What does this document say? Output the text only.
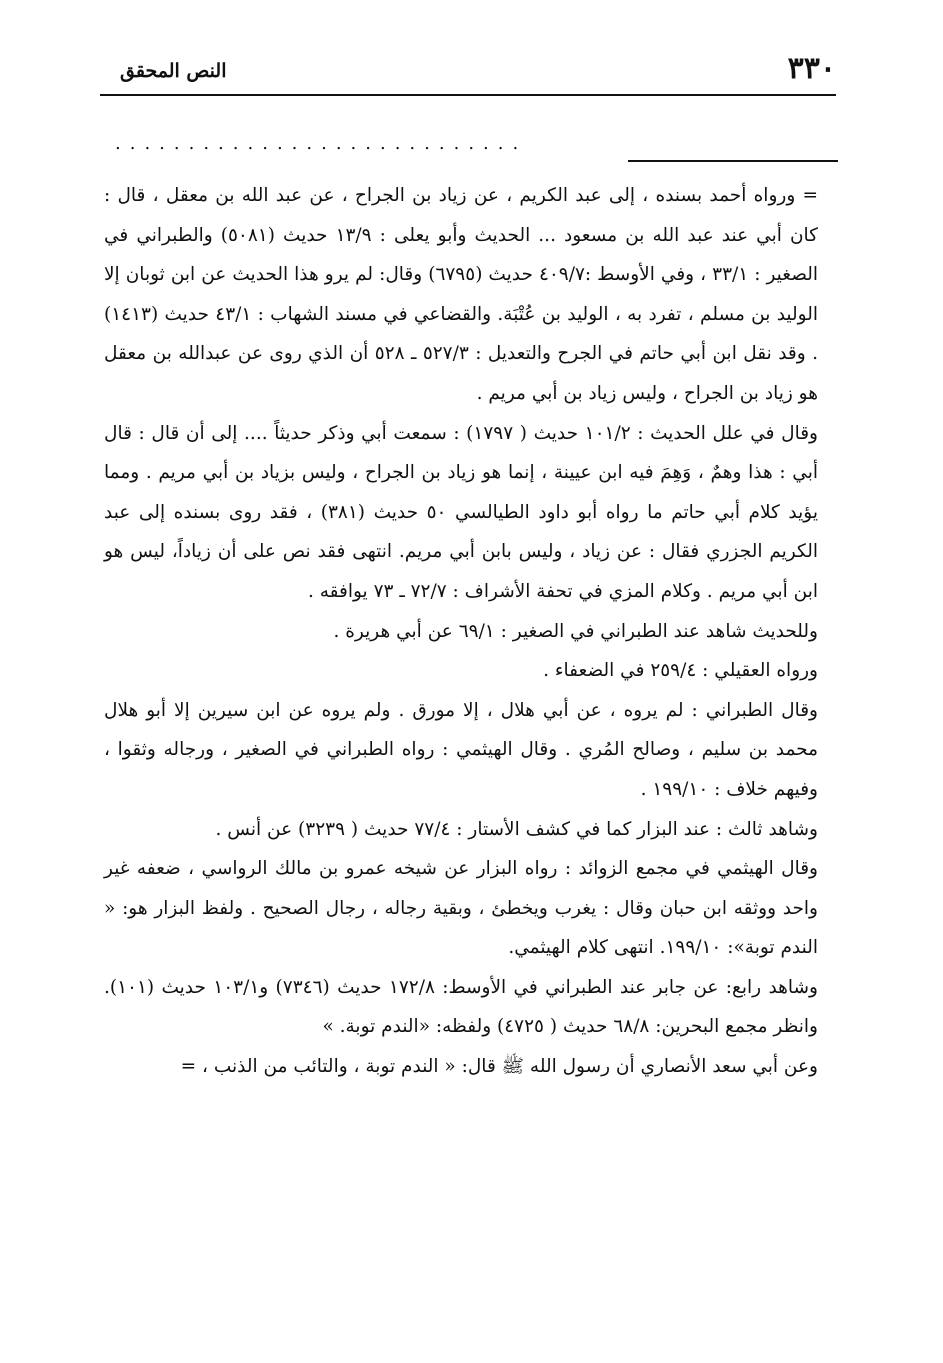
٣٣٠
النص المحقق
............................

= ورواه أحمد بسنده ، إلى عبد الكريم ، عن زياد بن الجراح ، عن عبد الله بن معقل ، قال : كان أبي عند عبد الله بن مسعود ... الحديث وأبو يعلى : ١٣/٩ حديث (٥٠٨١) والطبراني في الصغير : ٣٣/١ ، وفي الأوسط :٤٠٩/٧ حديث (٦٧٩٥) وقال: لم يرو هذا الحديث عن ابن ثوبان إلا الوليد بن مسلم ، تفرد به ، الوليد بن عُتْبَة. والقضاعي في مسند الشهاب : ٤٣/١ حديث (١٤١٣) . وقد نقل ابن أبي حاتم في الجرح والتعديل : ٥٢٧/٣ ـ ٥٢٨ أن الذي روى عن عبدالله بن معقل هو زياد بن الجراح ، وليس زياد بن أبي مريم .

وقال في علل الحديث : ١٠١/٢ حديث ( ١٧٩٧) : سمعت أبي وذكر حديثاً .... إلى أن قال : قال أبي : هذا وهمٌ ، وَهِمَ فيه ابن عيينة ، إنما هو زياد بن الجراح ، وليس بزياد بن أبي مريم . ومما يؤيد كلام أبي حاتم ما رواه أبو داود الطيالسي ٥٠ حديث (٣٨١) ، فقد روى بسنده إلى عبد الكريم الجزري فقال : عن زياد ، وليس بابن أبي مريم. انتهى فقد نص على أن زياداً، ليس هو ابن أبي مريم . وكلام المزي في تحفة الأشراف : ٧٢/٧ ـ ٧٣ يوافقه .

وللحديث شاهد عند الطبراني في الصغير : ٦٩/١ عن أبي هريرة .

ورواه العقيلي : ٢٥٩/٤ في الضعفاء .

وقال الطبراني : لم يروه ، عن أبي هلال ، إلا مورق . ولم يروه عن ابن سيرين إلا أبو هلال محمد بن سليم ، وصالح المُري . وقال الهيثمي : رواه الطبراني في الصغير ، ورجاله وثقوا ، وفيهم خلاف : ١٩٩/١٠ .

وشاهد ثالث : عند البزار كما في كشف الأستار : ٧٧/٤ حديث ( ٣٢٣٩) عن أنس .

وقال الهيثمي في مجمع الزوائد : رواه البزار عن شيخه عمرو بن مالك الرواسي ، ضعفه غير واحد ووثقه ابن حبان وقال : يغرب ويخطئ ، وبقية رجاله ، رجال الصحيح . ولفظ البزار هو: « الندم توبة»: ١٩٩/١٠. انتهى كلام الهيثمي.

وشاهد رابع: عن جابر عند الطبراني في الأوسط: ١٧٢/٨ حديث (٧٣٤٦) و١٠٣/١ حديث (١٠١). وانظر مجمع البحرين: ٦٨/٨ حديث ( ٤٧٢٥) ولفظه: «الندم توبة. »

وعن أبي سعد الأنصاري أن رسول الله ﷺ قال: « الندم توبة ، والتائب من الذنب ، =
